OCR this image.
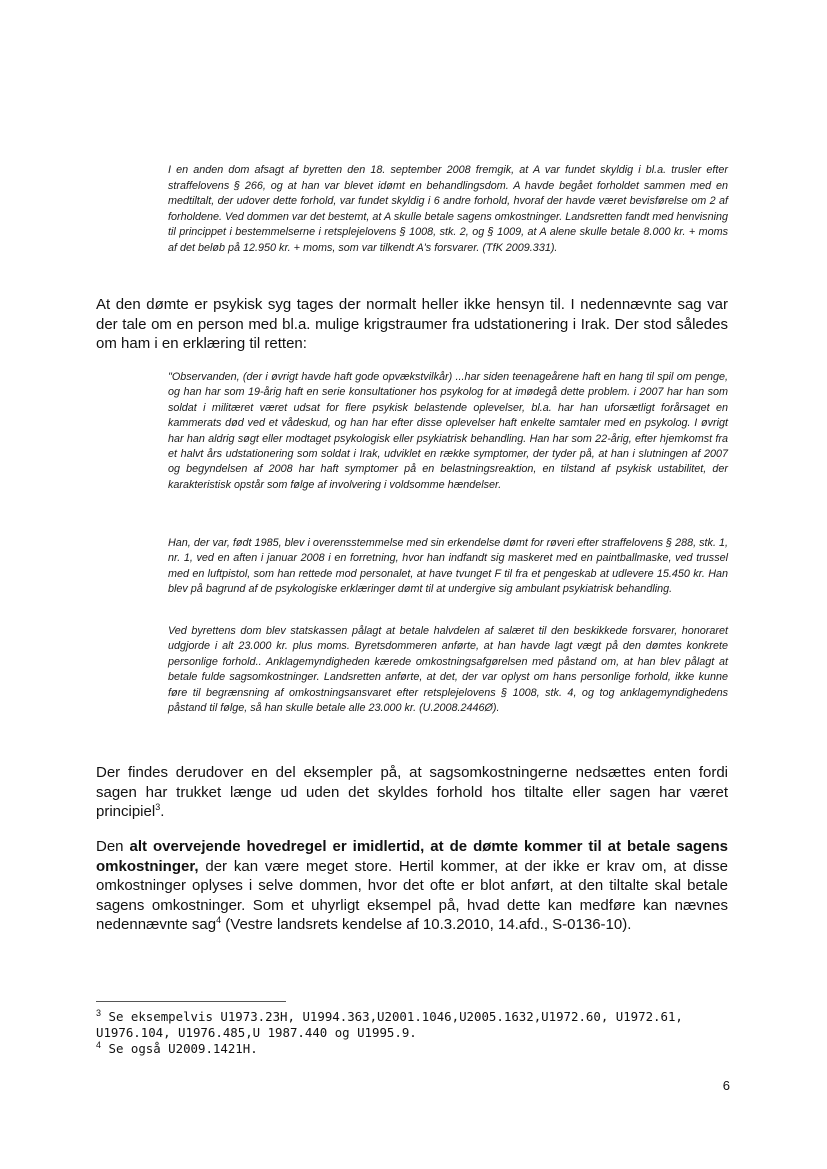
I en anden dom afsagt af byretten den 18. september 2008 fremgik, at A var fundet skyldig i bl.a. trusler efter straffelovens § 266, og at han var blevet idømt en behandlingsdom. A havde begået forholdet sammen med en medtiltalt, der udover dette forhold, var fundet skyldig i 6 andre forhold, hvoraf der havde været bevisførelse om 2 af forholdene. Ved dommen var det bestemt, at A skulle betale sagens omkostninger. Landsretten fandt med henvisning til princippet i bestemmelserne i retsplejelovens § 1008, stk. 2, og § 1009, at A alene skulle betale 8.000 kr. + moms af det beløb på 12.950 kr. + moms, som var tilkendt A's forsvarer. (TfK 2009.331).

At den dømte er psykisk syg tages der normalt heller ikke hensyn til. I nedennævnte sag var der tale om en person med bl.a. mulige krigstraumer fra udstationering i Irak. Der stod således om ham i en erklæring til retten:

"Observanden, (der i øvrigt havde haft gode opvækstvilkår) ...har siden teenageårene haft en hang til spil om penge, og han har som 19-årig haft en serie konsultationer hos psykolog for at imødegå dette problem. i 2007 har han som soldat i militæret været udsat for flere psykisk belastende oplevelser, bl.a. har han uforsætligt forårsaget en kammerats død ved et vådeskud, og han har efter disse oplevelser haft enkelte samtaler med en psykolog. I øvrigt har han aldrig søgt eller modtaget psykologisk eller psykiatrisk behandling. Han har som 22-årig, efter hjemkomst fra et halvt års udstationering som soldat i Irak, udviklet en række symptomer, der tyder på, at han i slutningen af 2007 og begyndelsen af 2008 har haft symptomer på en belastningsreaktion, en tilstand af psykisk ustabilitet, der karakteristisk opstår som følge af involvering i voldsomme hændelser.

Han, der var, født 1985, blev i overensstemmelse med sin erkendelse dømt for røveri efter straffelovens § 288, stk. 1, nr. 1, ved en aften i januar 2008 i en forretning, hvor han indfandt sig maskeret med en paintballmaske, ved trussel med en luftpistol, som han rettede mod personalet, at have tvunget F til fra et pengeskab at udlevere 15.450 kr. Han blev på bagrund af de psykologiske erklæringer dømt til at undergive sig ambulant psykiatrisk behandling.

Ved byrettens dom blev statskassen pålagt at betale halvdelen af salæret til den beskikkede forsvarer, honoraret udgjorde i alt 23.000 kr. plus moms. Byretsdommeren anførte, at han havde lagt vægt på den dømtes konkrete personlige forhold.. Anklagemyndigheden kærede omkostningsafgørelsen med påstand om, at han blev pålagt at betale fulde sagsomkostninger. Landsretten anførte, at det, der var oplyst om hans personlige forhold, ikke kunne føre til begrænsning af omkostningsansvaret efter retsplejelovens § 1008, stk. 4, og tog anklagemyndighedens påstand til følge, så han skulle betale alle 23.000 kr. (U.2008.2446Ø).

Der findes derudover en del eksempler på, at sagsomkostningerne nedsættes enten fordi sagen har trukket længe ud uden det skyldes forhold hos tiltalte eller sagen har været principiel$^3$.

Den alt overvejende hovedregel er imidlertid, at de dømte kommer til at betale sagens omkostninger, der kan være meget store. Hertil kommer, at der ikke er krav om, at disse omkostninger oplyses i selve dommen, hvor det ofte er blot anført, at den tiltalte skal betale sagens omkostninger. Som et uhyrligt eksempel på, hvad dette kan medføre kan nævnes nedennævnte sag$^4$ (Vestre landsrets kendelse af 10.3.2010, 14.afd., S-0136-10).

$^3$ Se eksempelvis U1973.23H, U1994.363,U2001.1046,U2005.1632,U1972.60, U1972.61, U1976.104, U1976.485,U 1987.440 og U1995.9.

$^4$ Se også U2009.1421H.

6
